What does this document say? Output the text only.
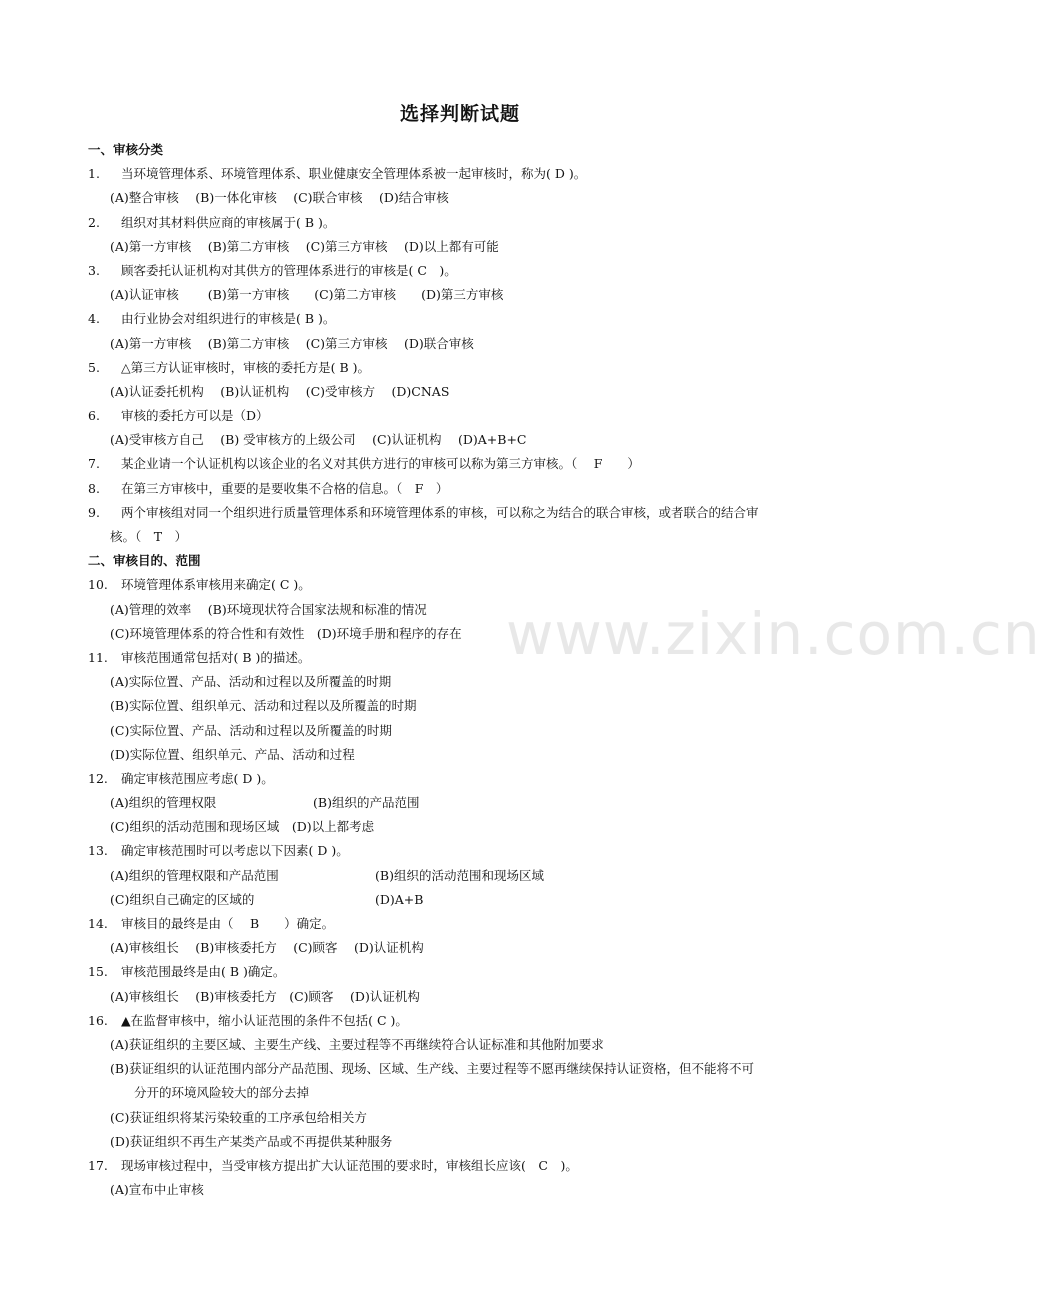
www.zixin.com.cn
选择判断试题
一、审核分类
1. 当环境管理体系、环境管理体系、职业健康安全管理体系被一起审核时，称为( D )。
(A)整合审核　 (B)一体化审核　 (C)联合审核　 (D)结合审核
2. 组织对其材料供应商的审核属于( B )。
(A)第一方审核　 (B)第二方审核　 (C)第三方审核　 (D)以上都有可能
3. 顾客委托认证机构对其供方的管理体系进行的审核是( C　)。
(A)认证审核　　 (B)第一方审核　　 (C)第二方审核　　 (D)第三方审核
4. 由行业协会对组织进行的审核是( B )。
(A)第一方审核　 (B)第二方审核　 (C)第三方审核　 (D)联合审核
5. △第三方认证审核时，审核的委托方是( B )。
(A)认证委托机构　 (B)认证机构　 (C)受审核方　 (D)CNAS
6. 审核的委托方可以是（D）
(A)受审核方自己　 (B) 受审核方的上级公司　 (C)认证机构　 (D)A+B+C
7. 某企业请一个认证机构以该企业的名义对其供方进行的审核可以称为第三方审核。（　 F　　）
8. 在第三方审核中，重要的是要收集不合格的信息。（　F　）
9. 两个审核组对同一个组织进行质量管理体系和环境管理体系的审核，可以称之为结合的联合审核，或者联合的结合审
核。（　T　）
二、审核目的、范围
10. 环境管理体系审核用来确定( C )。
(A)管理的效率　 (B)环境现状符合国家法规和标准的情况
(C)环境管理体系的符合性和有效性　(D)环境手册和程序的存在
11. 审核范围通常包括对( B )的描述。
(A)实际位置、产品、活动和过程以及所覆盖的时期
(B)实际位置、组织单元、活动和过程以及所覆盖的时期
(C)实际位置、产品、活动和过程以及所覆盖的时期
(D)实际位置、组织单元、产品、活动和过程
12. 确定审核范围应考虑( D )。
(A)组织的管理权限	(B)组织的产品范围
(C)组织的活动范围和现场区域　 (D)以上都考虑
13. 确定审核范围时可以考虑以下因素( D )。
(A)组织的管理权限和产品范围	(B)组织的活动范围和现场区域
(C)组织自己确定的区域的	(D)A+B
14. 审核目的最终是由（　 B　　）确定。
(A)审核组长　 (B)审核委托方　 (C)顾客　 (D)认证机构
15. 审核范围最终是由( B )确定。
(A)审核组长　 (B)审核委托方　 (C)顾客　 (D)认证机构
16. ▲在监督审核中，缩小认证范围的条件不包括( C )。
(A)获证组织的主要区域、主要生产线、主要过程等不再继续符合认证标准和其他附加要求
(B)获证组织的认证范围内部分产品范围、现场、区域、生产线、主要过程等不愿再继续保持认证资格，但不能将不可
分开的环境风险较大的部分去掉
(C)获证组织将某污染较重的工序承包给相关方
(D)获证组织不再生产某类产品或不再提供某种服务
17. 现场审核过程中，当受审核方提出扩大认证范围的要求时，审核组长应该(　C　)。
(A)宣布中止审核
